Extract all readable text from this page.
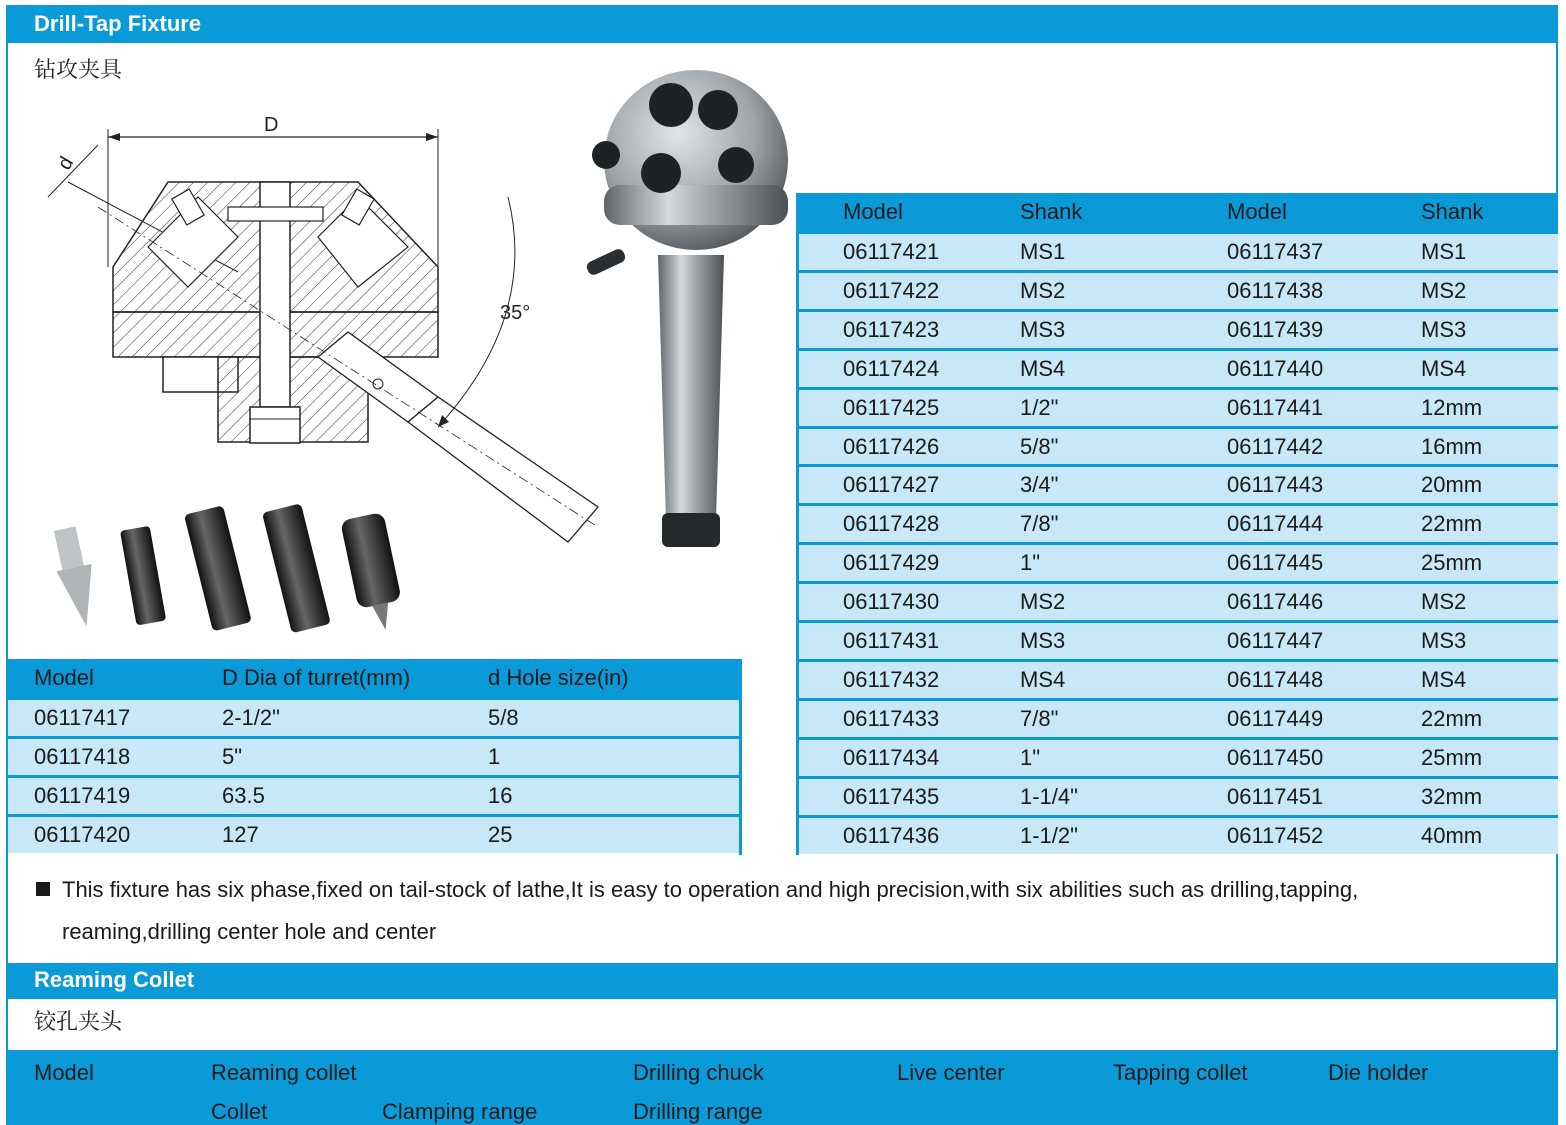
Drill-Tap Fixture
钻攻夹具
D
d
35°
Model	D Dia of turret(mm)	d Hole size(in)
06117417	2-1/2"	5/8
06117418	5"	1
06117419	63.5	16
06117420	127	25
Model	Shank	Model	Shank
06117421	MS1	06117437	MS1
06117422	MS2	06117438	MS2
06117423	MS3	06117439	MS3
06117424	MS4	06117440	MS4
06117425	1/2"	06117441	12mm
06117426	5/8"	06117442	16mm
06117427	3/4"	06117443	20mm
06117428	7/8"	06117444	22mm
06117429	1"	06117445	25mm
06117430	MS2	06117446	MS2
06117431	MS3	06117447	MS3
06117432	MS4	06117448	MS4
06117433	7/8"	06117449	22mm
06117434	1"	06117450	25mm
06117435	1-1/4"	06117451	32mm
06117436	1-1/2"	06117452	40mm
This fixture has six phase,fixed on tail-stock of lathe,It is easy to operation and high precision,with six abilities such as drilling,tapping,
reaming,drilling center hole and center
Reaming Collet
铰孔夹头
Model	Reaming collet	Drilling chuck	Live center	Tapping collet	Die holder
Collet	Clamping range	Drilling range
